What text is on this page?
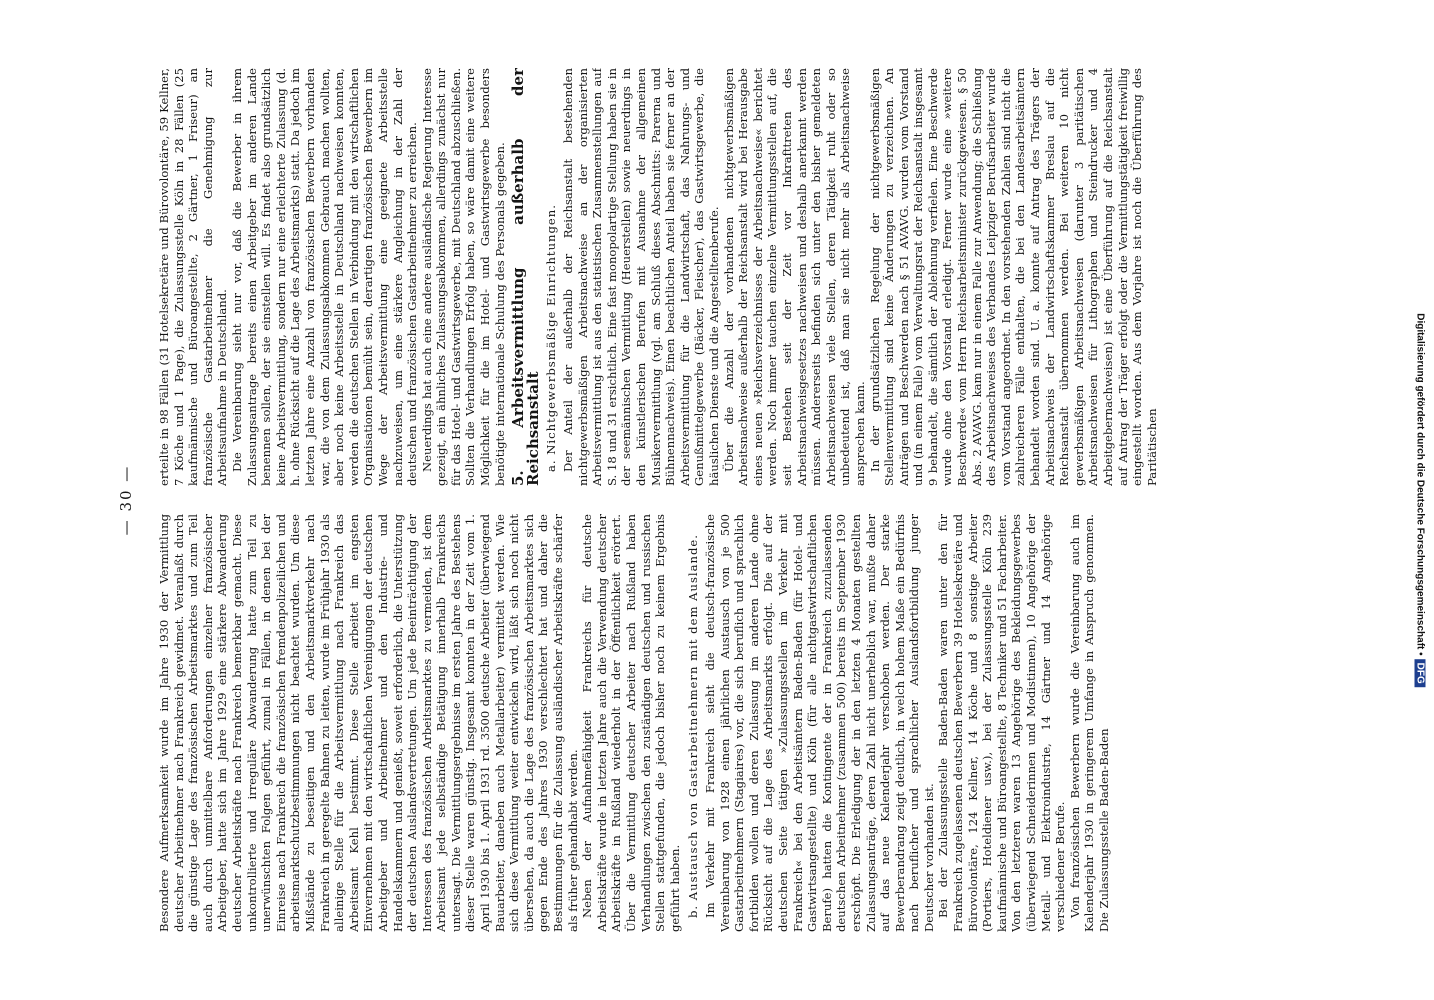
— 30 —

Besondere Aufmerksamkeit wurde im Jahre 1930 der Vermittlung deutscher Arbeitnehmer nach Frankreich gewidmet. Veranlaßt durch die günstige Lage des französischen Arbeitsmarktes und zum Teil auch durch unmittelbare Anforderungen einzelner französischer Arbeitgeber, hatte sich im Jahre 1929 eine stärkere Abwanderung deutscher Arbeitskräfte nach Frankreich bemerkbar gemacht. Diese unkontrollierte und irreguläre Abwanderung hatte zum Teil zu unerwünschten Folgen geführt, zumal in Fällen, in denen bei der Einreise nach Frankreich die französischen fremdenpolizeilichen und arbeitsmarktschutzbestimmungen nicht beachtet wurden. Um diese Mißstände zu beseitigen und den Arbeitsmarktverkehr nach Frankreich in geregelte Bahnen zu leiten, wurde im Frühjahr 1930 als alleinige Stelle für die Arbeitsvermittlung nach Frankreich das Arbeitsamt Kehl bestimmt. Diese Stelle arbeitet im engsten Einvernehmen mit den wirtschaftlichen Vereinigungen der deutschen Arbeitgeber und Arbeitnehmer und den Industrie- und Handelskammern und genießt, soweit erforderlich, die Unterstützung der deutschen Auslandsvertretungen. Um jede Beeinträchtigung der Interessen des französischen Arbeitsmarktes zu vermeiden, ist dem Arbeitsamt jede selbständige Betätigung innerhalb Frankreichs untersagt. Die Vermittlungsergebnisse im ersten Jahre des Bestehens dieser Stelle waren günstig. Insgesamt konnten in der Zeit vom 1. April 1930 bis 1. April 1931 rd. 3500 deutsche Arbeiter (überwiegend Bauarbeiter, daneben auch Metallarbeiter) vermittelt werden. Wie sich diese Vermittlung weiter entwickeln wird, läßt sich noch nicht übersehen, da auch die Lage des französischen Arbeitsmarktes sich gegen Ende des Jahres 1930 verschlechtert hat und daher die Bestimmungen für die Zulassung ausländischer Arbeitskräfte schärfer als früher gehandhabt werden. Neben der Aufnahmefähigkeit Frankreichs für deutsche Arbeitskräfte wurde in letzten Jahre auch die Verwendung deutscher Arbeitskräfte in Rußland wiederholt in der Öffentlichkeit erörtert. Über die Vermittlung deutscher Arbeiter nach Rußland haben Verhandlungen zwischen den zuständigen deutschen und russischen Stellen stattgefunden, die jedoch bisher noch zu keinem Ergebnis geführt haben. b. Austausch von Gastarbeitnehmern mit dem Auslande. Im Verkehr mit Frankreich sieht die deutsch-französische Vereinbarung von 1928 einen jährlichen Austausch von je 500 Gastarbeitnehmern (Stagiaires) vor, die sich beruflich und sprachlich fortbilden wollen und deren Zulassung im anderen Lande ohne Rücksicht auf die Lage des Arbeitsmarkts erfolgt. Die auf der deutschen Seite tätigen »Zulassungsstellen im Verkehr mit Frankreich« bei den Arbeitsämtern Baden-Baden (für Hotel- und Gastwirtsangestellte) und Köln (für alle nichtgastwirtschaftlichen Berufe) hatten die Kontingente der in Frankreich zuzulassenden deutschen Arbeitnehmer (zusammen 500) bereits im September 1930 erschöpft. Die Erledigung der in den letzten 4 Monaten gestellten Zulassungsanträge, deren Zahl nicht unerheblich war, mußte daher auf das neue Kalenderjahr verschoben werden. Der starke Bewerberandrang zeigt deutlich, in welch hohem Maße ein Bedürfnis nach beruflicher und sprachlicher Auslandsfortbildung junger Deutscher vorhanden ist. Bei der Zulassungsstelle Baden-Baden waren unter den für Frankreich zugelassenen deutschen Bewerbern 39 Hotelsekretäre und Bürovolontäre, 124 Kellner, 14 Köche und 8 sonstige Arbeiter (Portiers, Hoteldiener usw.), bei der Zulassungsstelle Köln 239 kaufmännische und Büroangestellte, 8 Techniker und 51 Facharbeiter. Von den letzteren waren 13 Angehörige des Bekleidungsgewerbes (überwiegend Schneiderinnen und Modistinnen), 10 Angehörige der Metall- und Elektroindustrie, 14 Gärtner und 14 Angehörige verschiedener Berufe. Von französischen Bewerbern wurde die Vereinbarung auch im Kalenderjahr 1930 in geringerem Umfange in Anspruch genommen. Die Zulassungsstelle Baden-Baden

erteilte in 98 Fällen (31 Hotelsekretäre und Bürovolontäre, 59 Kellner, 7 Köche und 1 Page), die Zulassungsstelle Köln in 28 Fällen (25 kaufmännische und Büroangestellte, 2 Gärtner, 1 Friseur) an französische Gastarbeitnehmer die Genehmigung zur Arbeitsaufnahme in Deutschland. Die Vereinbarung sieht nur vor, daß die Bewerber in ihrem Zulassungsantrage bereits einen Arbeitgeber im anderen Lande benennen sollen, der sie einstellen will. Es findet also grundsätzlich keine Arbeitsvermittlung, sondern nur eine erleichterte Zulassung (d. h. ohne Rücksicht auf die Lage des Arbeitsmarkts) statt. Da jedoch im letzten Jahre eine Anzahl von französischen Bewerbern vorhanden war, die von dem Zulassungsabkommen Gebrauch machen wollten, aber noch keine Arbeitsstelle in Deutschland nachweisen konnten, werden die deutschen Stellen in Verbindung mit den wirtschaftlichen Organisationen bemüht sein, derartigen französischen Bewerbern im Wege der Arbeitsvermittlung eine geeignete Arbeitsstelle nachzuweisen, um eine stärkere Angleichung in der Zahl der deutschen und französischen Gastarbeitnehmer zu erreichen. Neuerdings hat auch eine andere ausländische Regierung Interesse gezeigt, ein ähnliches Zulassungsabkommen, allerdings zunächst nur für das Hotel- und Gastwirtsgewerbe, mit Deutschland abzuschließen. Sollten die Verhandlungen Erfolg haben, so wäre damit eine weitere Möglichkeit für die im Hotel- und Gastwirtsgewerbe besonders benötigte internationale Schulung des Personals gegeben. 5. Arbeitsvermittlung außerhalb der Reichsanstalt a. Nichtgewerbsmäßige Einrichtungen. Der Anteil der außerhalb der Reichsanstalt bestehenden nichtgewerbsmäßigen Arbeitsnachweise an der organisierten Arbeitsvermittlung ist aus den statistischen Zusammenstellungen auf S. 18 und 31 ersichtlich. Eine fast monopolartige Stellung haben sie in der seemännischen Vermittlung (Heuerstellen) sowie neuerdings in den künstlerischen Berufen mit Ausnahme der allgemeinen Musikervermittlung (vgl. am Schluß dieses Abschnitts: Parerna und Bühnennachweis). Einen beachtlichen Anteil haben sie ferner an der Arbeitsvermittlung für die Landwirtschaft, das Nahrungs- und Genußmittelgewerbe (Bäcker, Fleischer), das Gastwirtsgewerbe, die häuslichen Dienste und die Angestelltenberufe. Über die Anzahl der vorhandenen nichtgewerbsmäßigen Arbeitsnachweise außerhalb der Reichsanstalt wird bei Herausgabe eines neuen »Reichsverzeichnisses der Arbeitsnachweise« berichtet werden. Noch immer tauchen einzelne Vermittlungsstellen auf, die seit Bestehen seit der Zeit vor Inkrafttreten des Arbeitsnachweisgesetzes nachweisen und deshalb anerkannt werden müssen. Andererseits befinden sich unter den bisher gemeldeten Arbeitsnachweisen viele Stellen, deren Tätigkeit ruht oder so unbedeutend ist, daß man sie nicht mehr als Arbeitsnachweise ansprechen kann. In der grundsätzlichen Regelung der nichtgewerbsmäßigen Stellenvermittlung sind keine Änderungen zu verzeichnen. An Anträgen und Beschwerden nach § 51 AVAVG. wurden vom Vorstand und (in einem Falle) vom Verwaltungsrat der Reichsanstalt insgesamt 9 behandelt, die sämtlich der Ablehnung verfielen. Eine Beschwerde wurde ohne den Vorstand erledigt. Ferner wurde eine »weitere Beschwerde« vom Herrn Reichsarbeitsminister zurückgewiesen. § 50 Abs. 2 AVAVG. kam nur in einem Falle zur Anwendung; die Schließung des Arbeitsnachweises des Verbandes Leipziger Berufsarbeiter wurde vom Vorstand angeordnet. In den vorstehenden Zahlen sind nicht die zahlreicheren Fälle enthalten, die bei den Landesarbeitsämtern behandelt worden sind. U. a. konnte auf Antrag des Trägers der Arbeitsnachweis der Landwirtschaftskammer Breslau auf die Reichsanstalt übernommen werden. Bei weiteren 10 nicht gewerbsmäßigen Arbeitsnachweisen (darunter 3 paritätischen Arbeitsnachweisen für Lithographen und Steindrucker und 4 Arbeitgebernachweisen) ist eine Überführung auf die Reichsanstalt auf Antrag der Träger erfolgt oder die Vermittlungstätigkeit freiwillig eingestellt worden. Aus dem Vorjahre ist noch die Überführung des Paritätischen	Digitalisierung gefördert durch die Deutsche Forschungsgemeinschaft •DFG
